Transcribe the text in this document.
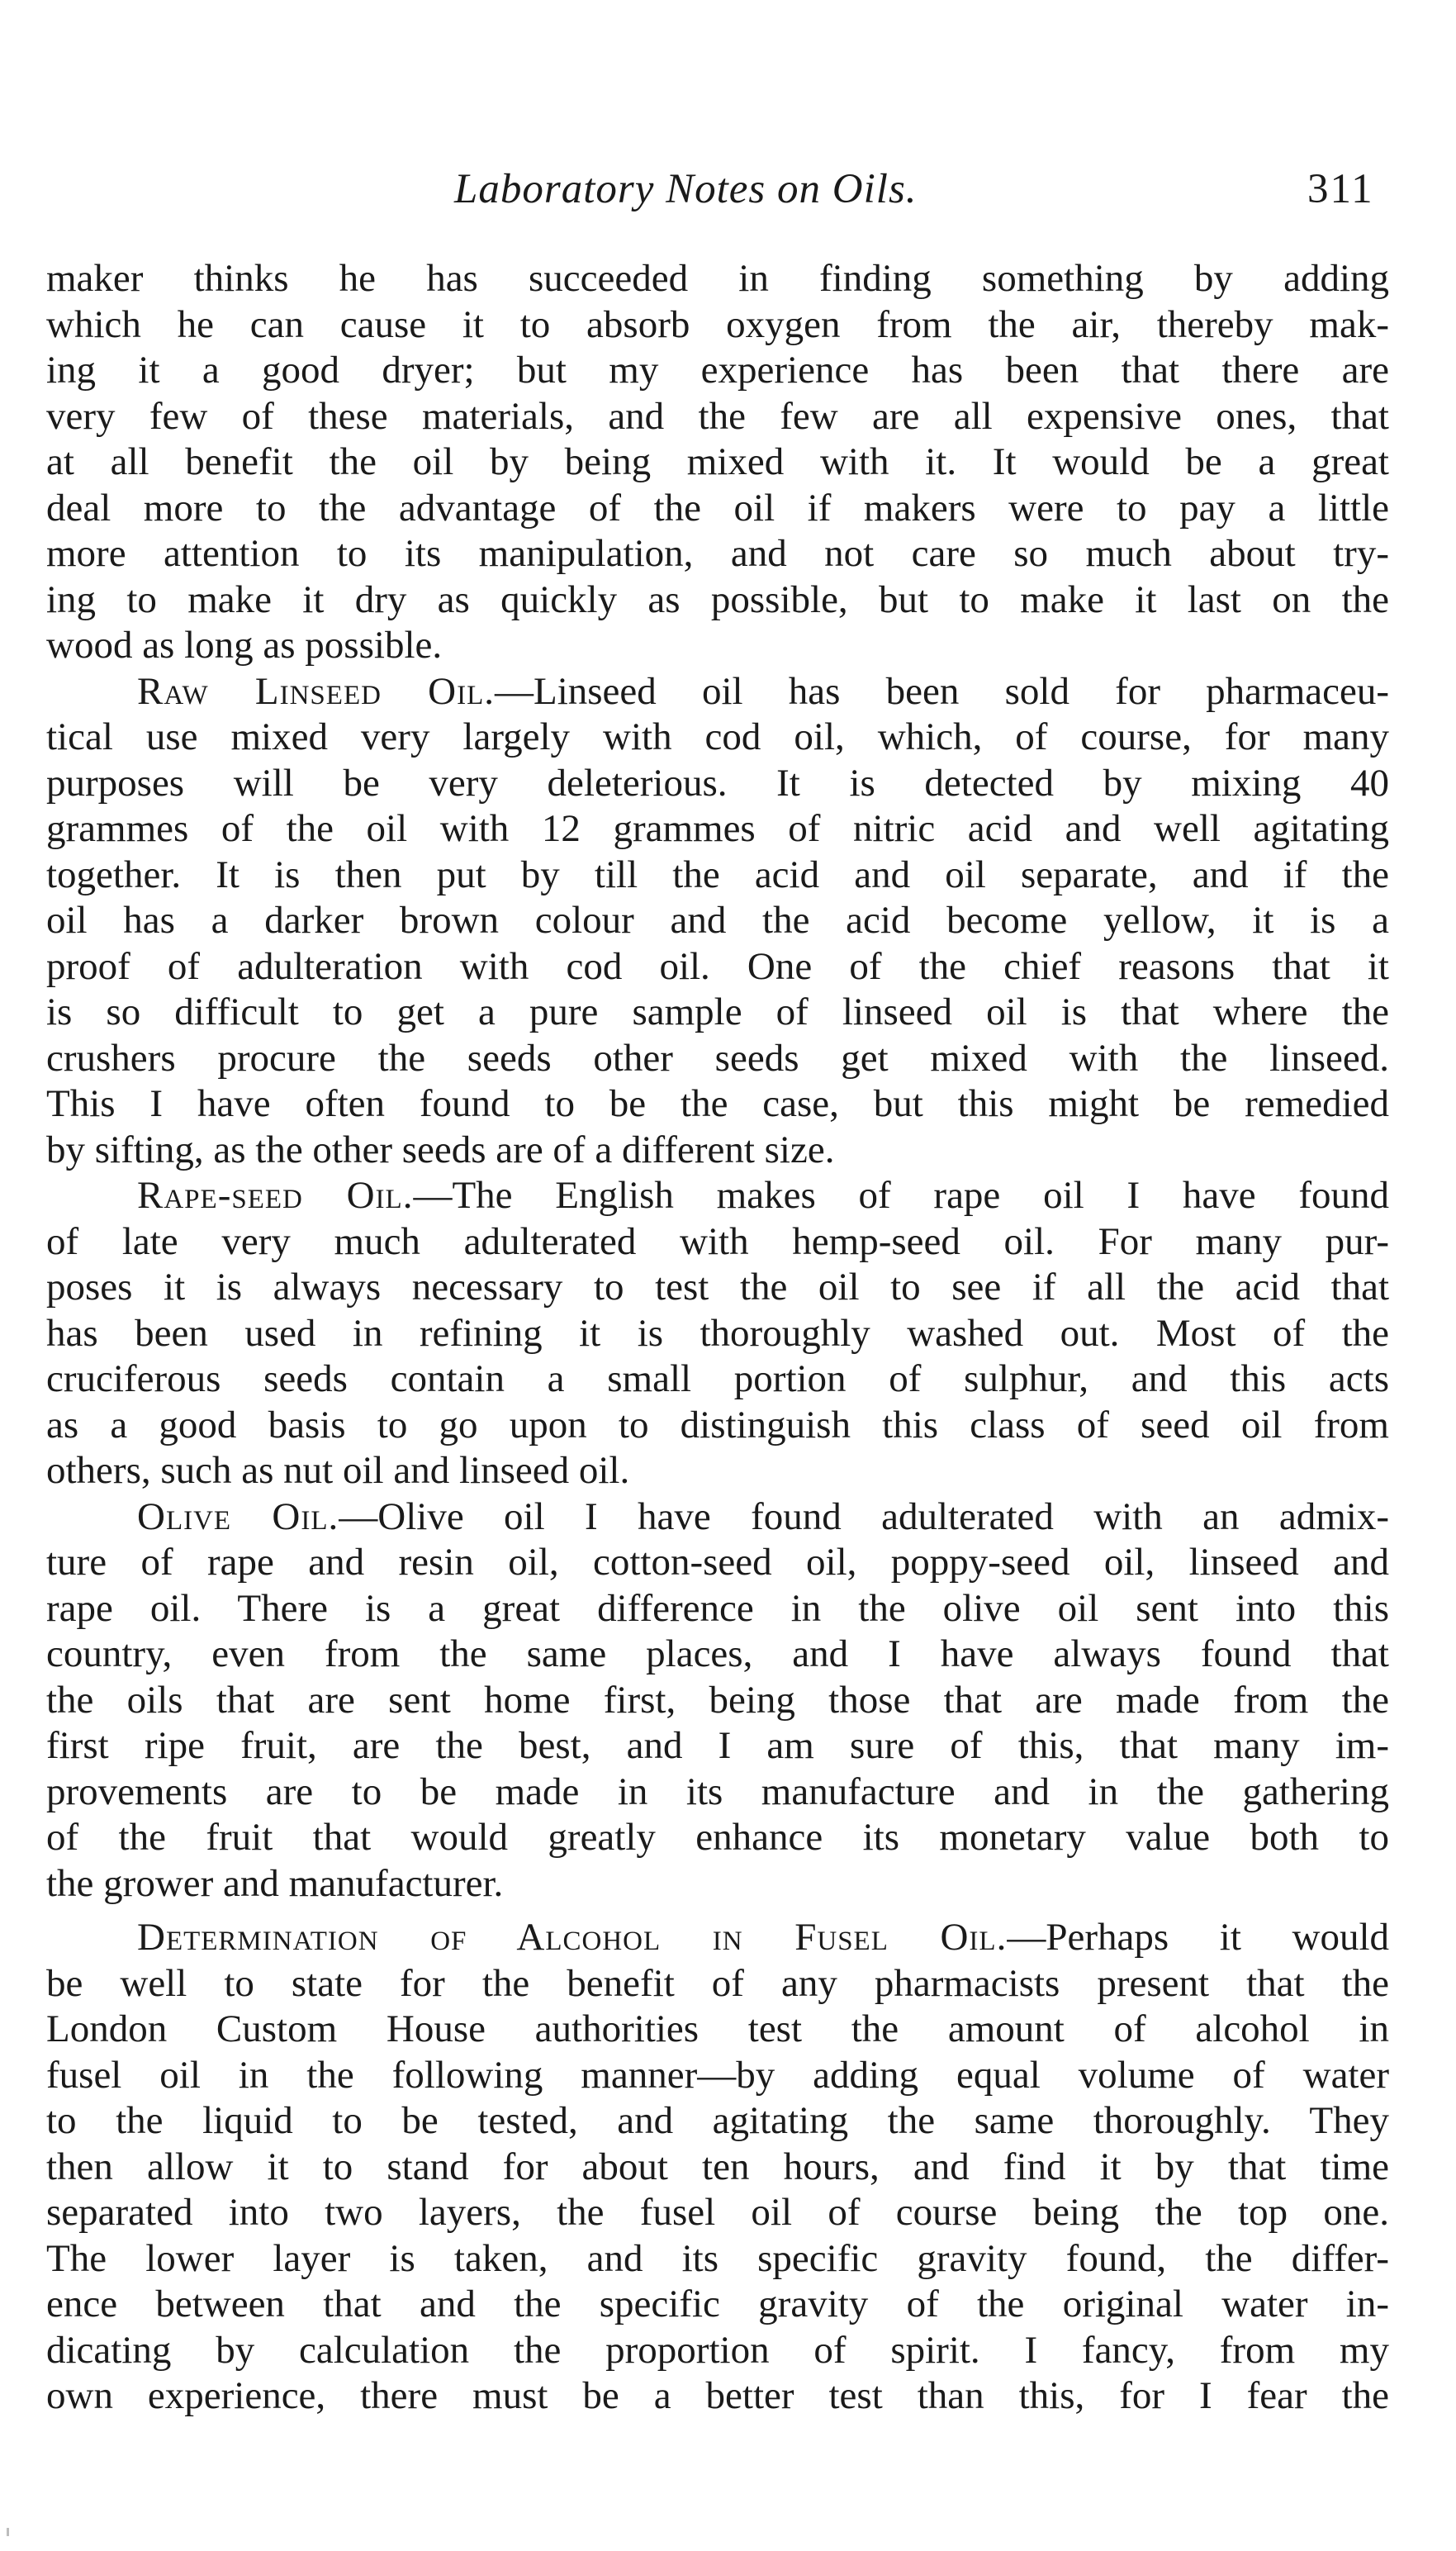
Laboratory Notes on Oils.	311
maker thinks he has succeeded in finding something by adding
which he can cause it to absorb oxygen from the air, thereby mak-
ing it a good dryer; but my experience has been that there are
very few of these materials, and the few are all expensive ones, that
at all benefit the oil by being mixed with it. It would be a great
deal more to the advantage of the oil if makers were to pay a little
more attention to its manipulation, and not care so much about try-
ing to make it dry as quickly as possible, but to make it last on the
wood as long as possible.
Raw Linseed Oil.—Linseed oil has been sold for pharmaceu-
tical use mixed very largely with cod oil, which, of course, for many
purposes will be very deleterious. It is detected by mixing 40
grammes of the oil with 12 grammes of nitric acid and well agitating
together. It is then put by till the acid and oil separate, and if the
oil has a darker brown colour and the acid become yellow, it is a
proof of adulteration with cod oil. One of the chief reasons that it
is so difficult to get a pure sample of linseed oil is that where the
crushers procure the seeds other seeds get mixed with the linseed.
This I have often found to be the case, but this might be remedied
by sifting, as the other seeds are of a different size.
Rape-seed Oil.—The English makes of rape oil I have found
of late very much adulterated with hemp-seed oil. For many pur-
poses it is always necessary to test the oil to see if all the acid that
has been used in refining it is thoroughly washed out. Most of the
cruciferous seeds contain a small portion of sulphur, and this acts
as a good basis to go upon to distinguish this class of seed oil from
others, such as nut oil and linseed oil.
Olive Oil.—Olive oil I have found adulterated with an admix-
ture of rape and resin oil, cotton-seed oil, poppy-seed oil, linseed and
rape oil. There is a great difference in the olive oil sent into this
country, even from the same places, and I have always found that
the oils that are sent home first, being those that are made from the
first ripe fruit, are the best, and I am sure of this, that many im-
provements are to be made in its manufacture and in the gathering
of the fruit that would greatly enhance its monetary value both to
the grower and manufacturer.
Determination of Alcohol in Fusel Oil.—Perhaps it would
be well to state for the benefit of any pharmacists present that the
London Custom House authorities test the amount of alcohol in
fusel oil in the following manner—by adding equal volume of water
to the liquid to be tested, and agitating the same thoroughly. They
then allow it to stand for about ten hours, and find it by that time
separated into two layers, the fusel oil of course being the top one.
The lower layer is taken, and its specific gravity found, the differ-
ence between that and the specific gravity of the original water in-
dicating by calculation the proportion of spirit. I fancy, from my
own experience, there must be a better test than this, for I fear the
